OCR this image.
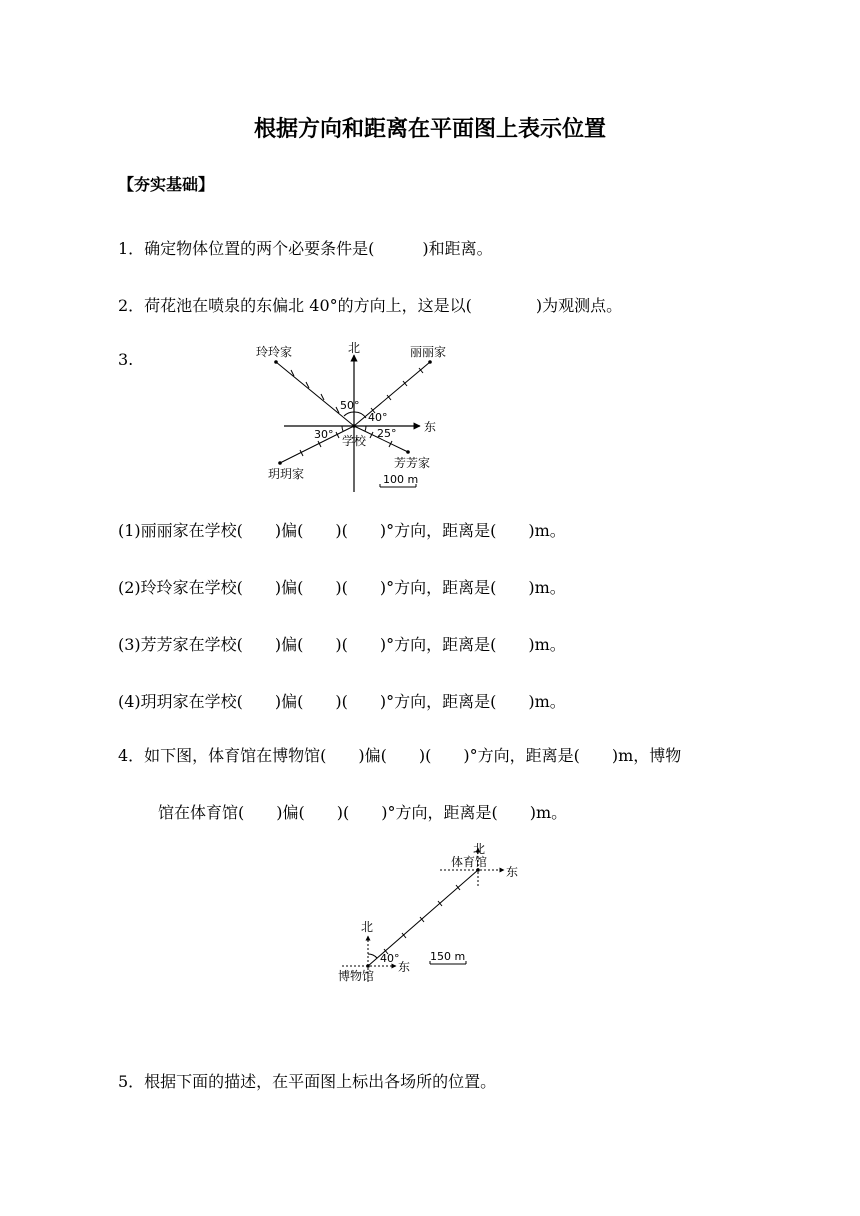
根据方向和距离在平面图上表示位置
【夯实基础】
1．确定物体位置的两个必要条件是(　　　)和距离。
2．荷花池在喷泉的东偏北 40°的方向上，这是以(　　　　)为观测点。
3.
北
东
玲玲家	丽丽家
芳芳家
玥玥家
学校
50°
40°
30°	25°
100 m
(1)丽丽家在学校(　　)偏(　　)(　　)°方向，距离是(　　)m。
(2)玲玲家在学校(　　)偏(　　)(　　)°方向，距离是(　　)m。
(3)芳芳家在学校(　　)偏(　　)(　　)°方向，距离是(　　)m。
(4)玥玥家在学校(　　)偏(　　)(　　)°方向，距离是(　　)m。
4．如下图，体育馆在博物馆(　　)偏(　　)(　　)°方向，距离是(　　)m，博物
馆在体育馆(　　)偏(　　)(　　)°方向，距离是(　　)m。
北
体育馆
东
北
40°
东
博物馆
150 m
5．根据下面的描述，在平面图上标出各场所的位置。
